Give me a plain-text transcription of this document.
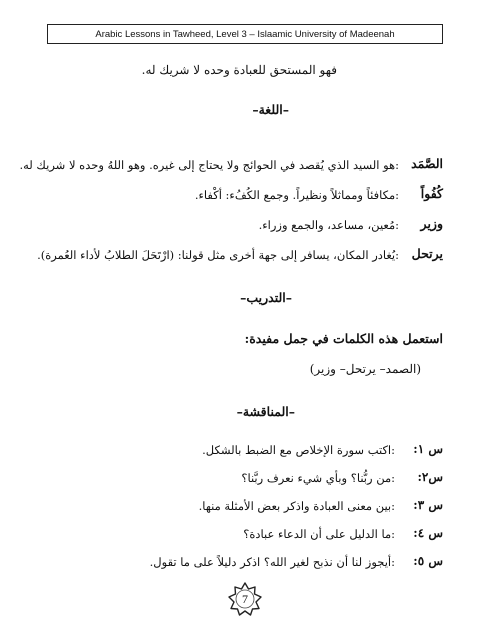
Arabic Lessons in Tawheed, Level 3 – Islaamic University of Madeenah
فهو المستحق للعبادة وحده لا شريك له.
–اللغة–
الصَّمَد
:هو السيد الذي يُقصد في الحوائج ولا يحتاج إلى غيره. وهو اللهُ وحده لا شريك له.
كُفُواً
:مكافئاً ومماثلاً ونظيراً. وجمع الكُفُء: أكْفاء.
وزير
:مُعين، مساعد، والجمع وزراء.
يرتحل
:يُغادر المكان، يسافر إلى جهة أخرى مثل قولنا: (ارْتَحَلَ الطلابُ لأداء العُمرة).
–التدريب–
استعمل هذه الكلمات في جمل مفيدة:
(الصمد– يرتحل– وزير)
–المناقشة–
س ١:
:اكتب سورة الإخلاص مع الضبط بالشكل.
س٢:
:من ربُّنا؟ وبأي شيء نعرف ربَّنا؟
س ٣:
:بين معنى العبادة واذكر بعض الأمثلة منها.
س ٤:
:ما الدليل على أن الدعاء عبادة؟
س ٥:
:أيجوز لنا أن نذبح لغير الله؟ اذكر دليلاً على ما تقول.
7
